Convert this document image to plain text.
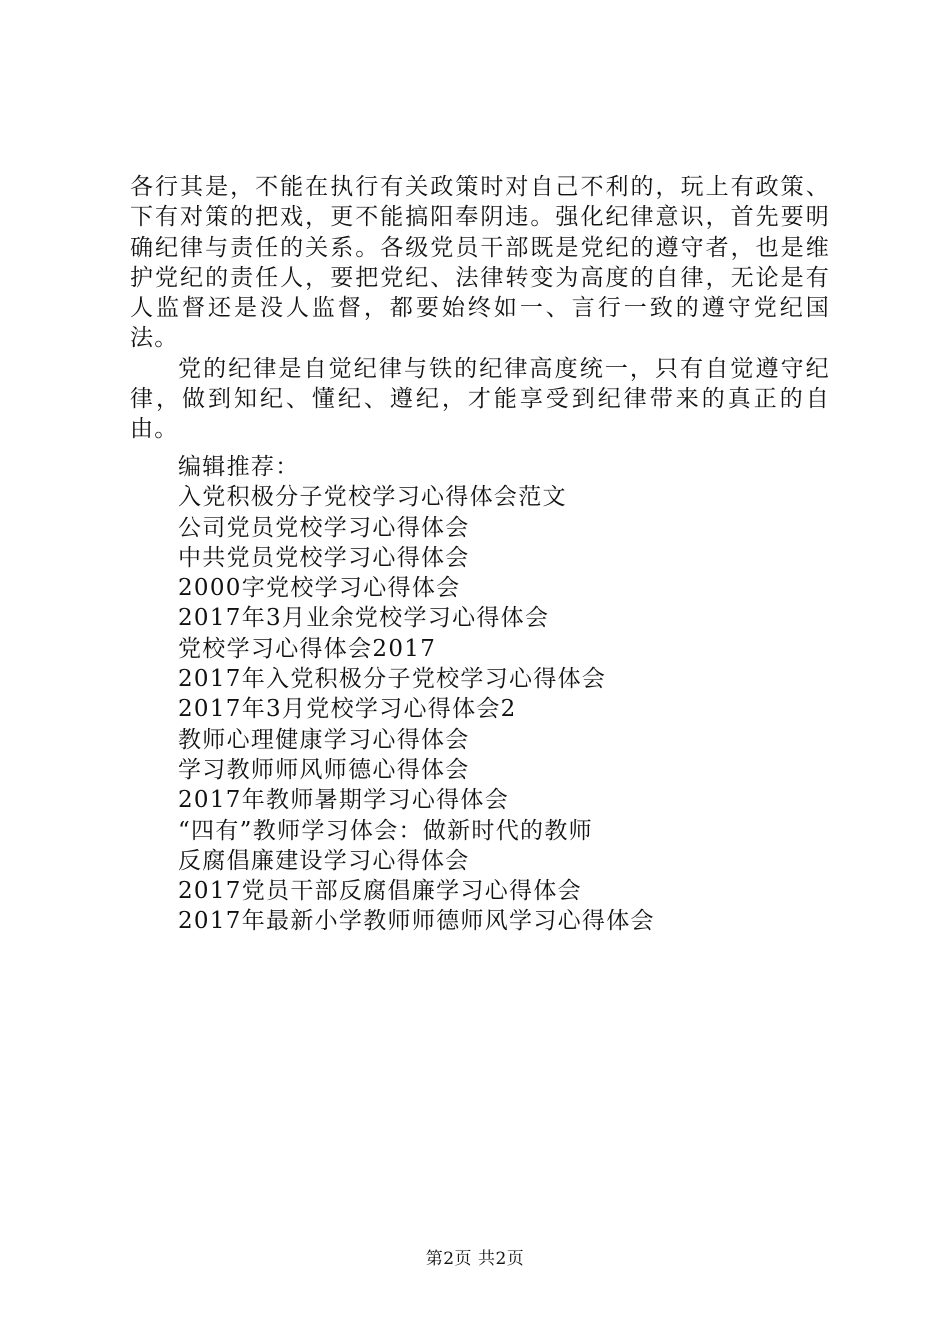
各行其是，不能在执行有关政策时对自己不利的，玩上有政策、下有对策的把戏，更不能搞阳奉阴违。强化纪律意识，首先要明确纪律与责任的关系。各级党员干部既是党纪的遵守者，也是维护党纪的责任人，要把党纪、法律转变为高度的自律，无论是有人监督还是没人监督，都要始终如一、言行一致的遵守党纪国法。

党的纪律是自觉纪律与铁的纪律高度统一，只有自觉遵守纪律，做到知纪、懂纪、遵纪，才能享受到纪律带来的真正的自由。

编辑推荐：

入党积极分子党校学习心得体会范文
公司党员党校学习心得体会
中共党员党校学习心得体会
2000字党校学习心得体会
2017年3月业余党校学习心得体会
党校学习心得体会2017
2017年入党积极分子党校学习心得体会
2017年3月党校学习心得体会2
教师心理健康学习心得体会
学习教师师风师德心得体会
2017年教师暑期学习心得体会
“四有”教师学习体会：做新时代的教师
反腐倡廉建设学习心得体会
2017党员干部反腐倡廉学习心得体会
2017年最新小学教师师德师风学习心得体会
第2页 共2页
